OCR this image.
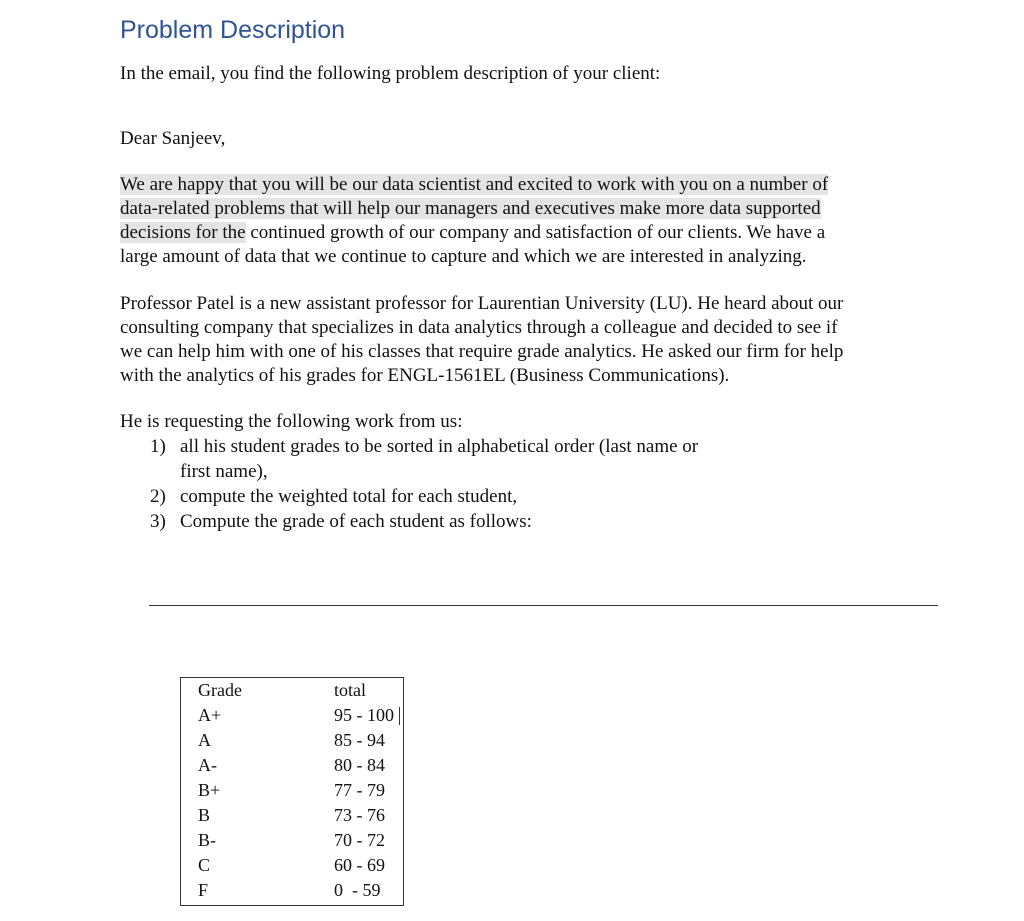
Problem Description

In the email, you find the following problem description of your client:

Dear Sanjeev,

We are happy that you will be our data scientist and excited to work with you on a number of

data-related problems that will help our managers and executives make more data supported

decisions for the continued growth of our company and satisfaction of our clients. We have a

large amount of data that we continue to capture and which we are interested in analyzing.

Professor Patel is a new assistant professor for Laurentian University (LU). He heard about our

consulting company that specializes in data analytics through a colleague and decided to see if

we can help him with one of his classes that require grade analytics. He asked our firm for help

with the analytics of his grades for ENGL-1561EL (Business Communications).

He is requesting the following work from us:

1) all his student grades to be sorted in alphabetical order (last name or
first name),
2) compute the weighted total for each student,
3) Compute the grade of each student as follows:
Grade	total
A+	95 - 100
A	85 - 94
A-	80 - 84
B+	77 - 79
B	73 - 76
B-	70 - 72
C	60 - 69
F	0  - 59
